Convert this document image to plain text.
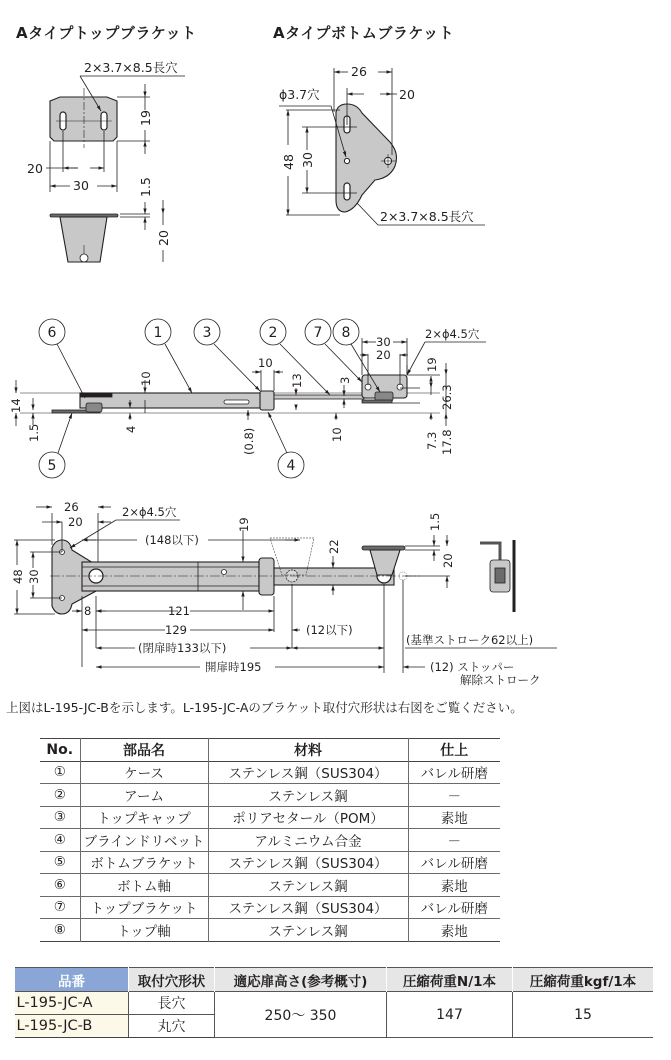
Aタイプトップブラケット	Aタイプボトムブラケット
2×3.7×8.5長穴
19
20
30	1.5
20
26
20
ϕ3.7穴
48 30
2×3.7×8.5長穴
6	1	3	2	7 8
5	4
14
1.5
10
4
10
13
(0.8)
3
10
30
20
2×ϕ4.5穴
19
26.3
7.3 17.8
26
20
2×ϕ4.5穴
48 30
(148以下)
19
22
1.5
20
8	121
129	(12以下)
(閉扉時133以下)
開扉時195
(基準ストローク62以上)
(12) ストッパー
解除ストローク
上図はL-195-JC-Bを示します。L-195-JC-Aのブラケット取付穴形状は右図をご覧ください。
No.	部品名	材料	仕上
①	ケース	ステンレス鋼（SUS304）	バレル研磨
②	アーム	ステンレス鋼	－
③	トップキャップ	ポリアセタール（POM）	素地
④	ブラインドリベット	アルミニウム合金	－
⑤	ボトムブラケット	ステンレス鋼（SUS304）	バレル研磨
⑥	ボトム軸	ステンレス鋼	素地
⑦	トップブラケット	ステンレス鋼（SUS304）	バレル研磨
⑧	トップ軸	ステンレス鋼	素地
品番	取付穴形状	適応扉高さ(参考概寸)	圧縮荷重N/1本	圧縮荷重kgf/1本
L-195-JC-A	長穴	250～ 350	147	15
L-195-JC-B	丸穴			
